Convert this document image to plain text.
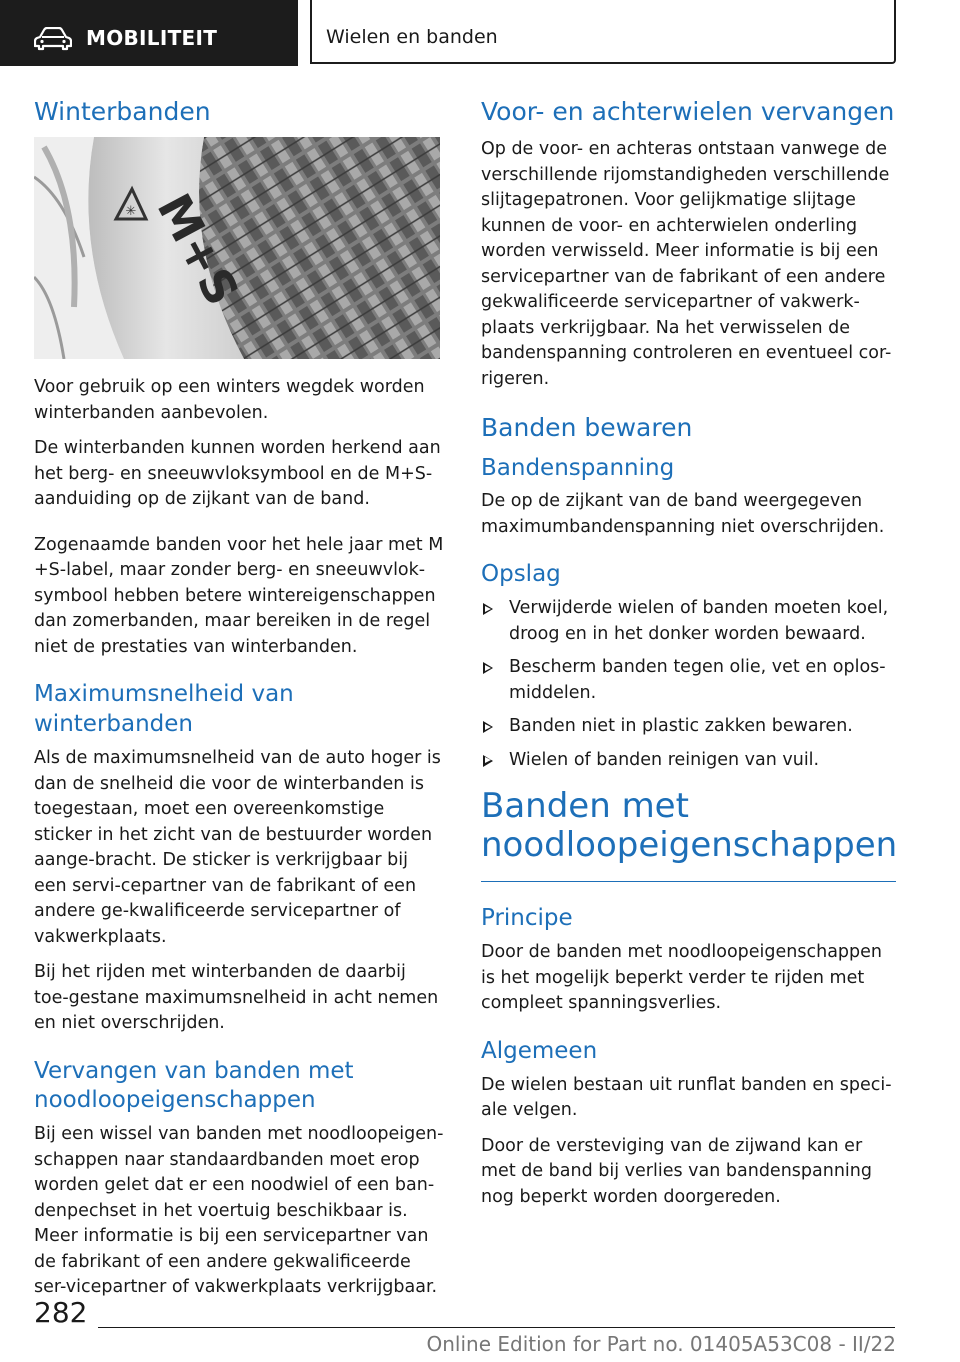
MOBILITEIT	Wielen en banden
Winterbanden
✳ M+S

Voor gebruik op een winters wegdek worden winterbanden aanbevolen.

De winterbanden kunnen worden herkend aan het berg- en sneeuwvloksymbool en de M+S-aanduiding op de zijkant van de band.

Zogenaamde banden voor het hele jaar met M +S-label, maar zonder berg- en sneeuwvlok-symbool hebben betere wintereigenschappen dan zomerbanden, maar bereiken in de regel niet de prestaties van winterbanden.

Maximumsnelheid van winterbanden

Als de maximumsnelheid van de auto hoger is dan de snelheid die voor de winterbanden is toegestaan, moet een overeenkomstige sticker in het zicht van de bestuurder worden aange-bracht. De sticker is verkrijgbaar bij een servi-cepartner van de fabrikant of een andere ge-kwalificeerde servicepartner of vakwerkplaats.

Bij het rijden met winterbanden de daarbij toe-gestane maximumsnelheid in acht nemen en niet overschrijden.

Vervangen van banden met noodloopeigenschappen

Bij een wissel van banden met noodloopeigen-schappen naar standaardbanden moet erop worden gelet dat er een noodwiel of een ban-denpechset in het voertuig beschikbaar is. Meer informatie is bij een servicepartner van de fabrikant of een andere gekwalificeerde ser-vicepartner of vakwerkplaats verkrijgbaar.

Voor- en achterwielen vervangen

Op de voor- en achteras ontstaan vanwege de verschillende rijomstandigheden verschillende slijtagepatronen. Voor gelijkmatige slijtage kunnen de voor- en achterwielen onderling worden verwisseld. Meer informatie is bij een servicepartner van de fabrikant of een andere gekwalificeerde servicepartner of vakwerk-plaats verkrijgbaar. Na het verwisselen de bandenspanning controleren en eventueel cor-rigeren.

Banden bewaren
Bandenspanning

De op de zijkant van de band weergegeven maximumbandenspanning niet overschrijden.

Opslag
Verwijderde wielen of banden moeten koel, droog en in het donker worden bewaard.
Bescherm banden tegen olie, vet en oplos-middelen.
Banden niet in plastic zakken bewaren.
Wielen of banden reinigen van vuil.
Banden met
noodloopeigenschappen
Principe

Door de banden met noodloopeigenschappen is het mogelijk beperkt verder te rijden met compleet spanningsverlies.

Algemeen

De wielen bestaan uit runflat banden en speci-ale velgen.

Door de versteviging van de zijwand kan er met de band bij verlies van bandenspanning nog beperkt worden doorgereden.

282
Online Edition for Part no. 01405A53C08 - II/22
